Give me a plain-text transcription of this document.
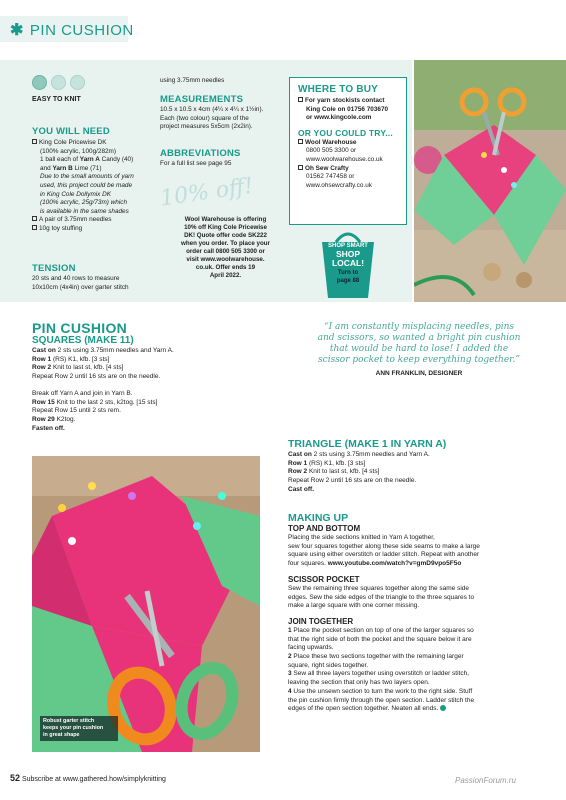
✱ PIN CUSHION
EASY TO KNIT
YOU WILL NEED
King Cole Pricewise DK
(100% acrylic, 100g/282m)
1 ball each of Yarn A Candy (40)
and Yarn B Lime (71)
Due to the small amounts of yarn
used, this project could be made
in King Cole Dollymix DK
(100% acrylic, 25g/73m) which
is available in the same shades
A pair of 3.75mm needles
10g toy stuffing
TENSION
20 sts and 40 rows to measure
10x10cm (4x4in) over garter stitch
using 3.75mm needles
MEASUREMENTS
10.5 x 10.5 x 4cm (4¼ x 4¼ x 1½in).
Each (two colour) square of the
project measures 5x5cm (2x2in).
ABBREVIATIONS
For a full list see page 95
10% off!
Wool Warehouse is offering
10% off King Cole Pricewise
DK! Quote offer code SK222
when you order. To place your
order call 0800 505 3300 or
visit www.woolwarehouse.
co.uk. Offer ends 19
April 2022.
WHERE TO BUY
For yarn stockists contact
King Cole on 01756 703670
or www.kingcole.com
OR YOU COULD TRY...
Wool Warehouse
0800 505 3300 or
www.woolwarehouse.co.uk
Oh Sew Crafty
01562 747458 or
www.ohsewcrafty.co.uk
SHOP SMART
SHOP
LOCAL!
Turn to
page 88
PIN CUSHION
SQUARES (MAKE 11)
Cast on 2 sts using 3.75mm needles and Yarn A.
Row 1 (RS) K1, kfb. [3 sts]
Row 2 Knit to last st, kfb. [4 sts]
Repeat Row 2 until 16 sts are on the needle.
Break off Yarn A and join in Yarn B.
Row 15 Knit to the last 2 sts, k2tog. [15 sts]
Repeat Row 15 until 2 sts rem.
Row 29 K2tog.
Fasten off.
“I am constantly misplacing needles, pins
and scissors, so wanted a bright pin cushion
that would be hard to lose! I added the
scissor pocket to keep everything together.”
ANN FRANKLIN, DESIGNER
TRIANGLE (MAKE 1 IN YARN A)
Cast on 2 sts using 3.75mm needles and Yarn A.
Row 1 (RS) K1, kfb. [3 sts]
Row 2 Knit to last st, kfb. [4 sts]
Repeat Row 2 until 16 sts are on the needle.
Cast off.
MAKING UP
TOP AND BOTTOM
Placing the side sections knitted in Yarn A together,
sew four squares together along these side seams to make a large
square using either overstitch or ladder stitch. Repeat with another
four squares. www.youtube.com/watch?v=gmD9vpo5F5o
SCISSOR POCKET
Sew the remaining three squares together along the same side
edges. Sew the side edges of the triangle to the three squares to
make a large square with one corner missing.
JOIN TOGETHER
1 Place the pocket section on top of one of the larger squares so
that the right side of both the pocket and the square below it are
facing upwards.
2 Place these two sections together with the remaining larger
square, right sides together.
3 Sew all three layers together using overstitch or ladder stitch,
leaving the section that only has two layers open.
4 Use the unsewn section to turn the work to the right side. Stuff
the pin cushion firmly through the open section. Ladder stitch the
edges of the open section together. Neaten all ends.
Robust garter stitch
keeps your pin cushion
in great shape
52 Subscribe at www.gathered.how/simplyknitting	PassionForum.ru
